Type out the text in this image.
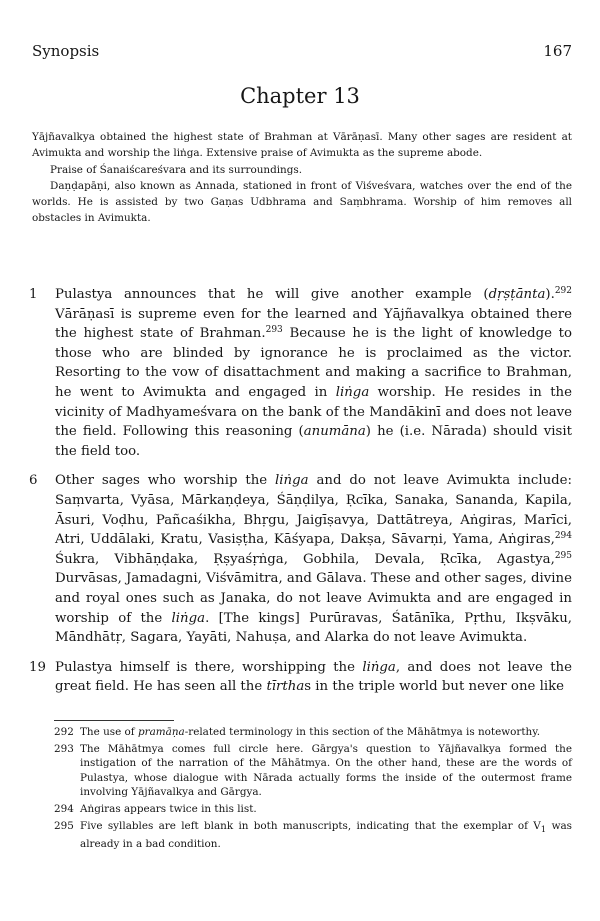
Synopsis	167
Chapter 13

Yājñavalkya obtained the highest state of Brahman at Vārāṇasī. Many other sages are resident at Avimukta and worship the liṅga. Extensive praise of Avimukta as the supreme abode.

Praise of Śanaiścareśvara and its surroundings.

Daṇḍapāṇi, also known as Annada, stationed in front of Viśveśvara, watches over the end of the worlds. He is assisted by two Gaṇas Udbhrama and Saṃbhrama. Worship of him removes all obstacles in Avimukta.

1 Pulastya announces that he will give another example (dṛṣṭānta).$^{292}$ Vārāṇasī is supreme even for the learned and Yājñavalkya obtained there the highest state of Brahman.$^{293}$ Because he is the light of knowledge to those who are blinded by ignorance he is proclaimed as the victor. Resorting to the vow of disattachment and making a sacrifice to Brahman, he went to Avimukta and engaged in liṅga worship. He resides in the vicinity of Madhyameśvara on the bank of the Mandākinī and does not leave the field. Following this reasoning (anumāna) he (i.e. Nārada) should visit the field too.
6 Other sages who worship the liṅga and do not leave Avimukta include: Saṃvarta, Vyāsa, Mārkaṇḍeya, Śāṇḍilya, Ṛcīka, Sanaka, Sananda, Kapila, Āsuri, Voḍhu, Pañcaśikha, Bhṛgu, Jaigīṣavya, Dattātreya, Aṅgiras, Marīci, Atri, Uddālaki, Kratu, Vasiṣṭha, Kāśyapa, Dakṣa, Sāvarṇi, Yama, Aṅgiras,$^{294}$ Śukra, Vibhāṇḍaka, Ṛṣyaśṛṅga, Gobhila, Devala, Ṛcīka, Agastya,$^{295}$ Durvāsas, Jamadagni, Viśvāmitra, and Gālava. These and other sages, divine and royal ones such as Janaka, do not leave Avimukta and are engaged in worship of the liṅga. [The kings] Purūravas, Śatānīka, Pṛthu, Ikṣvāku, Māndhātṛ, Sagara, Yayāti, Nahuṣa, and Alarka do not leave Avimukta.
19 Pulastya himself is there, worshipping the liṅga, and does not leave the great field. He has seen all the tīrthas in the triple world but never one like
292 The use of pramāṇa-related terminology in this section of the Māhātmya is noteworthy.
293 The Māhātmya comes full circle here. Gārgya's question to Yājñavalkya formed the instigation of the narration of the Māhātmya. On the other hand, these are the words of Pulastya, whose dialogue with Nārada actually forms the inside of the outermost frame involving Yājñavalkya and Gārgya.
294 Aṅgiras appears twice in this list.
295 Five syllables are left blank in both manuscripts, indicating that the exemplar of $V_1$ was already in a bad condition.
